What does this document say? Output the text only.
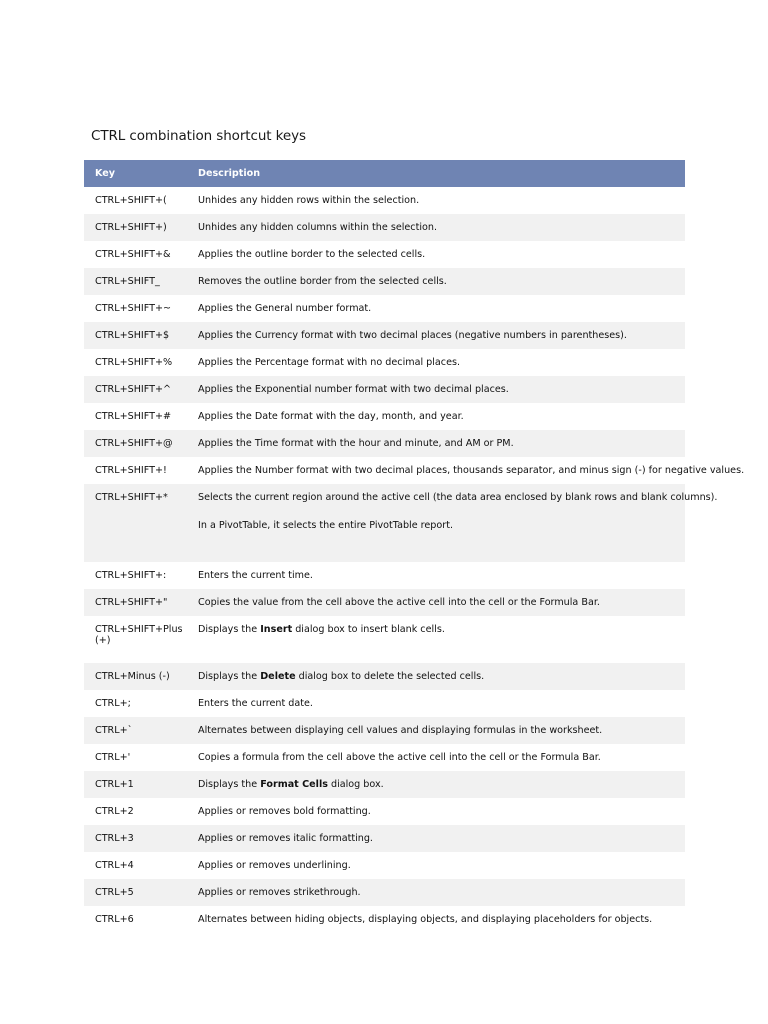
CTRL combination shortcut keys
Key	Description
CTRL+SHIFT+(	Unhides any hidden rows within the selection.
CTRL+SHIFT+)	Unhides any hidden columns within the selection.
CTRL+SHIFT+&	Applies the outline border to the selected cells.
CTRL+SHIFT_	Removes the outline border from the selected cells.
CTRL+SHIFT+~	Applies the General number format.
CTRL+SHIFT+$	Applies the Currency format with two decimal places (negative numbers in parentheses).
CTRL+SHIFT+%	Applies the Percentage format with no decimal places.
CTRL+SHIFT+^	Applies the Exponential number format with two decimal places.
CTRL+SHIFT+#	Applies the Date format with the day, month, and year.
CTRL+SHIFT+@	Applies the Time format with the hour and minute, and AM or PM.
CTRL+SHIFT+!	Applies the Number format with two decimal places, thousands separator, and minus sign (-) for negative values.
CTRL+SHIFT+*	Selects the current region around the active cell (the data area enclosed by blank rows and blank columns).
In a PivotTable, it selects the entire PivotTable report.

CTRL+SHIFT+:	Enters the current time.
CTRL+SHIFT+"	Copies the value from the cell above the active cell into the cell or the Formula Bar.
CTRL+SHIFT+Plus (+)	Displays the Insert dialog box to insert blank cells.
CTRL+Minus (-)	Displays the Delete dialog box to delete the selected cells.
CTRL+;	Enters the current date.
CTRL+`	Alternates between displaying cell values and displaying formulas in the worksheet.
CTRL+'	Copies a formula from the cell above the active cell into the cell or the Formula Bar.
CTRL+1	Displays the Format Cells dialog box.
CTRL+2	Applies or removes bold formatting.
CTRL+3	Applies or removes italic formatting.
CTRL+4	Applies or removes underlining.
CTRL+5	Applies or removes strikethrough.
CTRL+6	Alternates between hiding objects, displaying objects, and displaying placeholders for objects.
